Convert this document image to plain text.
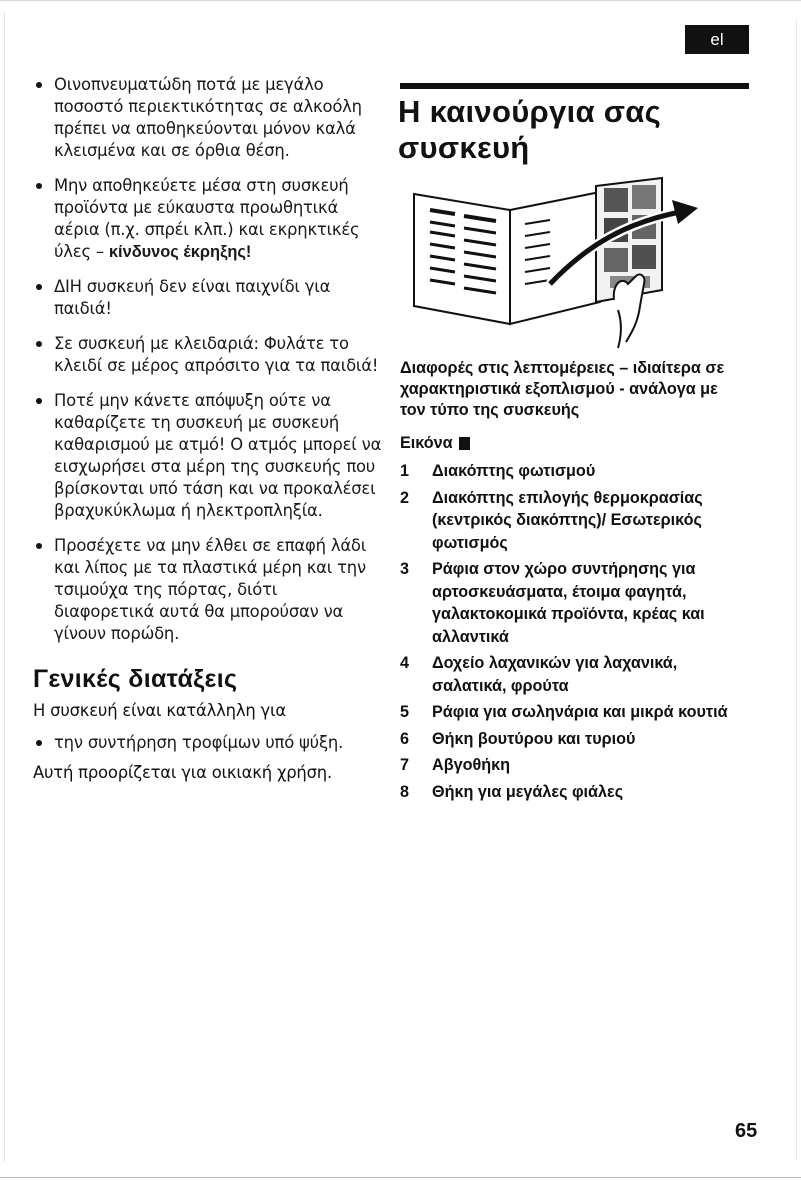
el
Οινοπνευματώδη ποτά με μεγάλο ποσοστό περιεκτικότητας σε αλκοόλη πρέπει να αποθηκεύονται μόνον καλά κλεισμένα και σε όρθια θέση.
Μην αποθηκεύετε μέσα στη συσκευή προϊόντα με εύκαυστα προωθητικά αέρια (π.χ. σπρέι κλπ.) και εκρηκτικές ύλες – κίνδυνος έκρηξης!
ΔΙΗ συσκευή δεν είναι παιχνίδι για παιδιά!
Σε συσκευή με κλειδαριά: Φυλάτε το κλειδί σε μέρος απρόσιτο για τα παιδιά!
Ποτέ μην κάνετε απόψυξη ούτε να καθαρίζετε τη συσκευή με συσκευή καθαρισμού με ατμό! Ο ατμός μπορεί να εισχωρήσει στα μέρη της συσκευής που βρίσκονται υπό τάση και να προκαλέσει βραχυκύκλωμα ή ηλεκτροπληξία.
Προσέχετε να μην έλθει σε επαφή λάδι και λίπος με τα πλαστικά μέρη και την τσιμούχα της πόρτας, διότι διαφορετικά αυτά θα μπορούσαν να γίνουν πορώδη.
Γενικές διατάξεις

Η συσκευή είναι κατάλληλη για

την συντήρηση τροφίμων υπό ψύξη.

Αυτή προορίζεται για οικιακή χρήση.

Η καινούργια σας συσκευή

Διαφορές στις λεπτομέρειες – ιδιαίτερα σε χαρακτηριστικά εξοπλισμού - ανάλογα με τον τύπο της συσκευής

Εικόνα
1	Διακόπτης φωτισμού
2	Διακόπτης επιλογής θερμοκρασίας (κεντρικός διακόπτης)/ Εσωτερικός φωτισμός
3	Ράφια στον χώρο συντήρησης για αρτοσκευάσματα, έτοιμα φαγητά, γαλακτοκομικά προϊόντα, κρέας και αλλαντικά
4	Δοχείο λαχανικών για λαχανικά, σαλατικά, φρούτα
5	Ράφια για σωληνάρια και μικρά κουτιά
6	Θήκη βουτύρου και τυριού
7	Αβγοθήκη
8	Θήκη για μεγάλες φιάλες
65
